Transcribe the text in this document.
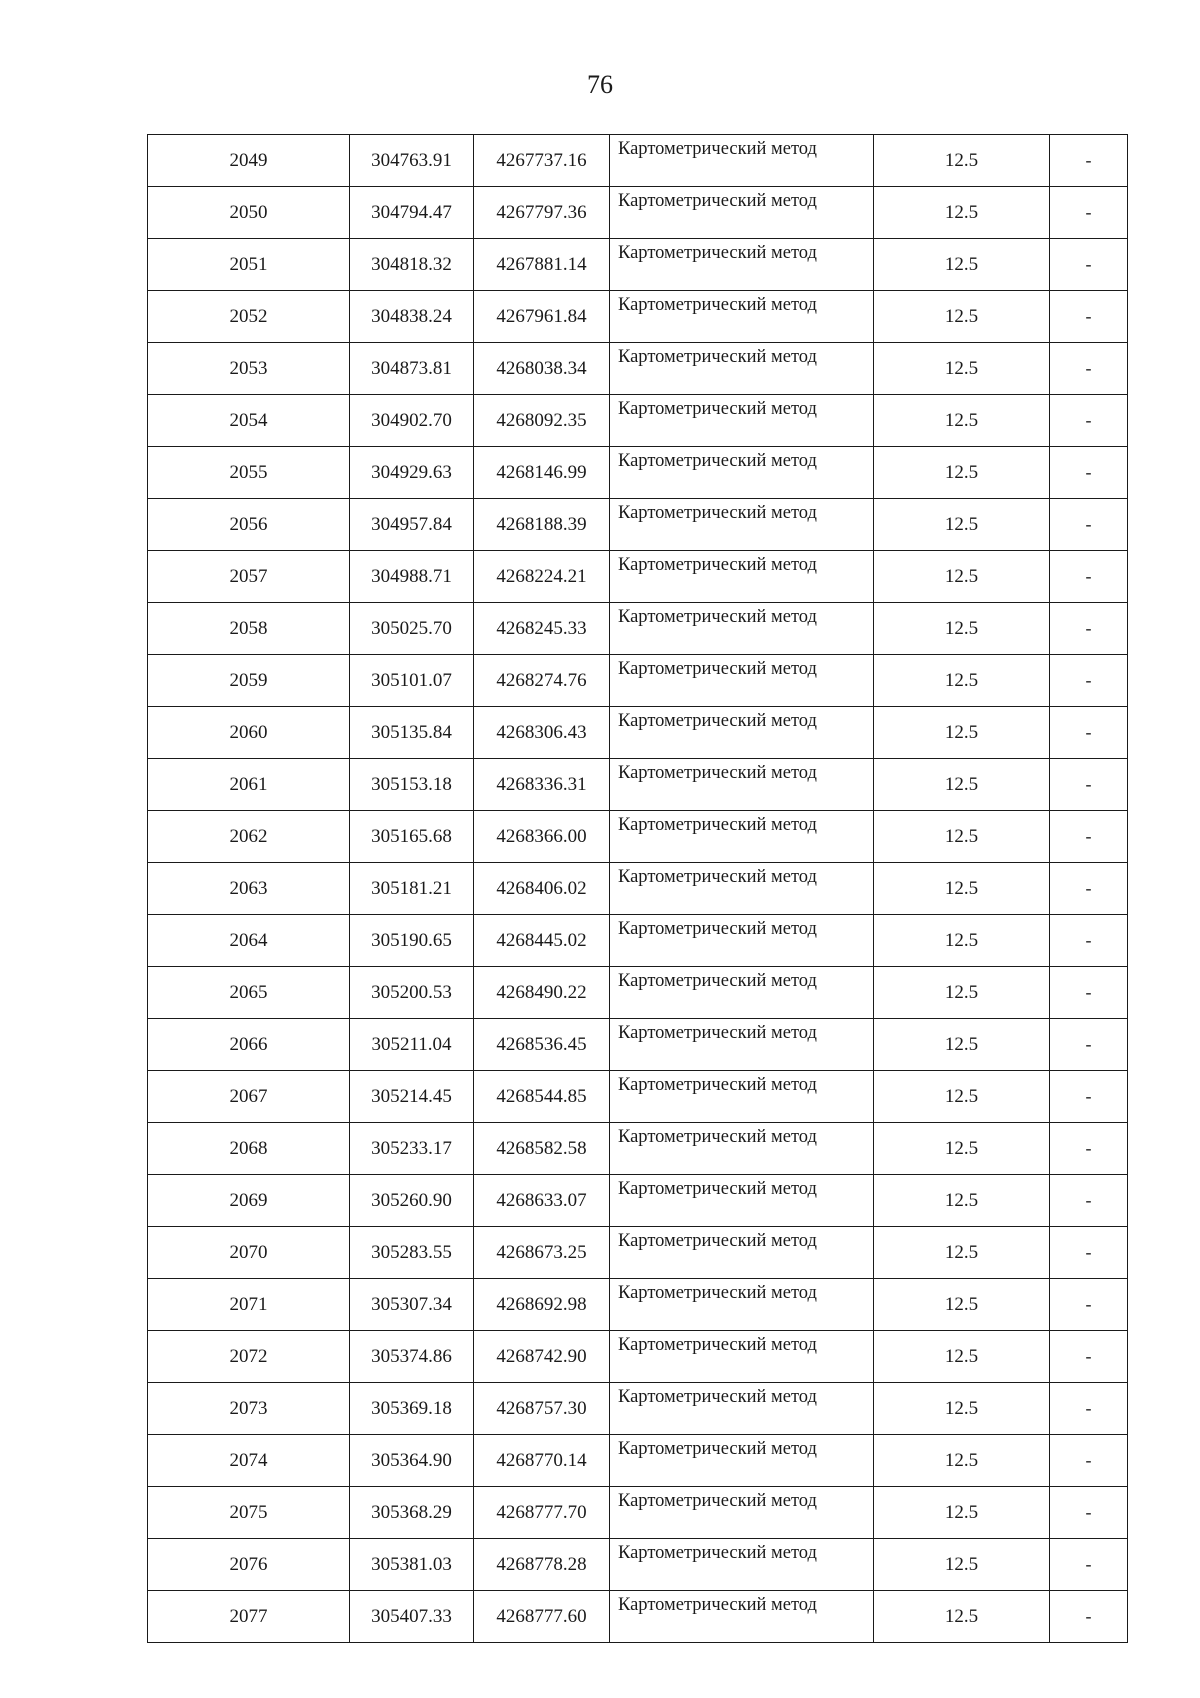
76
2049	304763.91	4267737.16	Картометрический метод	12.5	-
2050	304794.47	4267797.36	Картометрический метод	12.5	-
2051	304818.32	4267881.14	Картометрический метод	12.5	-
2052	304838.24	4267961.84	Картометрический метод	12.5	-
2053	304873.81	4268038.34	Картометрический метод	12.5	-
2054	304902.70	4268092.35	Картометрический метод	12.5	-
2055	304929.63	4268146.99	Картометрический метод	12.5	-
2056	304957.84	4268188.39	Картометрический метод	12.5	-
2057	304988.71	4268224.21	Картометрический метод	12.5	-
2058	305025.70	4268245.33	Картометрический метод	12.5	-
2059	305101.07	4268274.76	Картометрический метод	12.5	-
2060	305135.84	4268306.43	Картометрический метод	12.5	-
2061	305153.18	4268336.31	Картометрический метод	12.5	-
2062	305165.68	4268366.00	Картометрический метод	12.5	-
2063	305181.21	4268406.02	Картометрический метод	12.5	-
2064	305190.65	4268445.02	Картометрический метод	12.5	-
2065	305200.53	4268490.22	Картометрический метод	12.5	-
2066	305211.04	4268536.45	Картометрический метод	12.5	-
2067	305214.45	4268544.85	Картометрический метод	12.5	-
2068	305233.17	4268582.58	Картометрический метод	12.5	-
2069	305260.90	4268633.07	Картометрический метод	12.5	-
2070	305283.55	4268673.25	Картометрический метод	12.5	-
2071	305307.34	4268692.98	Картометрический метод	12.5	-
2072	305374.86	4268742.90	Картометрический метод	12.5	-
2073	305369.18	4268757.30	Картометрический метод	12.5	-
2074	305364.90	4268770.14	Картометрический метод	12.5	-
2075	305368.29	4268777.70	Картометрический метод	12.5	-
2076	305381.03	4268778.28	Картометрический метод	12.5	-
2077	305407.33	4268777.60	Картометрический метод	12.5	-
